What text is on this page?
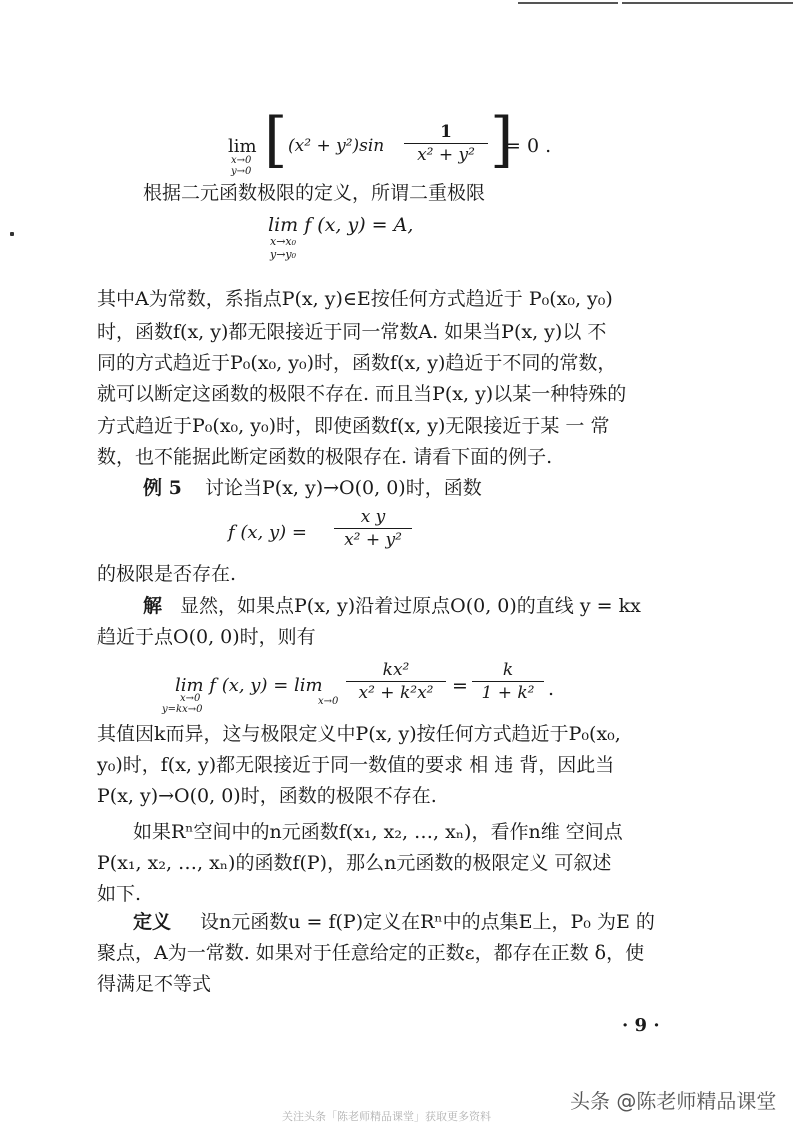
lim
x→0
y→0 [ (x² + y²)sin
1
x² + y² ]
= 0 .
根据二元函数极限的定义，所谓二重极限
lim f (x, y) = A,
x→x₀
y→y₀
其中A为常数，系指点P(x, y)∈E按任何方式趋近于 P₀(x₀, y₀)
时，函数f(x, y)都无限接近于同一常数A. 如果当P(x, y)以 不
同的方式趋近于P₀(x₀, y₀)时，函数f(x, y)趋近于不同的常数，
就可以断定这函数的极限不存在. 而且当P(x, y)以某一种特殊的
方式趋近于P₀(x₀, y₀)时，即使函数f(x, y)无限接近于某 一 常
数，也不能据此断定函数的极限存在. 请看下面的例子.
例 5 讨论当P(x, y)→O(0, 0)时，函数
f (x, y) =
x y
x² + y²
的极限是否存在.
解 显然，如果点P(x, y)沿着过原点O(0, 0)的直线 y = kx
趋近于点O(0, 0)时，则有
lim f (x, y) = lim
x→0
y=kx→0
x→0
kx²
x² + k²x² =
k
1 + k² .
其值因k而异，这与极限定义中P(x, y)按任何方式趋近于P₀(x₀,
y₀)时，f(x, y)都无限接近于同一数值的要求 相 违 背，因此当
P(x, y)→O(0, 0)时，函数的极限不存在.
如果Rⁿ空间中的n元函数f(x₁, x₂, …, xₙ)，看作n维 空间点
P(x₁, x₂, …, xₙ)的函数f(P)，那么n元函数的极限定义 可叙述
如下.
定义 设n元函数u = f(P)定义在Rⁿ中的点集E上，P₀ 为E 的
聚点，A为一常数. 如果对于任意给定的正数ε，都存在正数 δ，使
得满足不等式
· 9 ·
头条 @陈老师精品课堂
关注头条「陈老师精品课堂」获取更多资料
